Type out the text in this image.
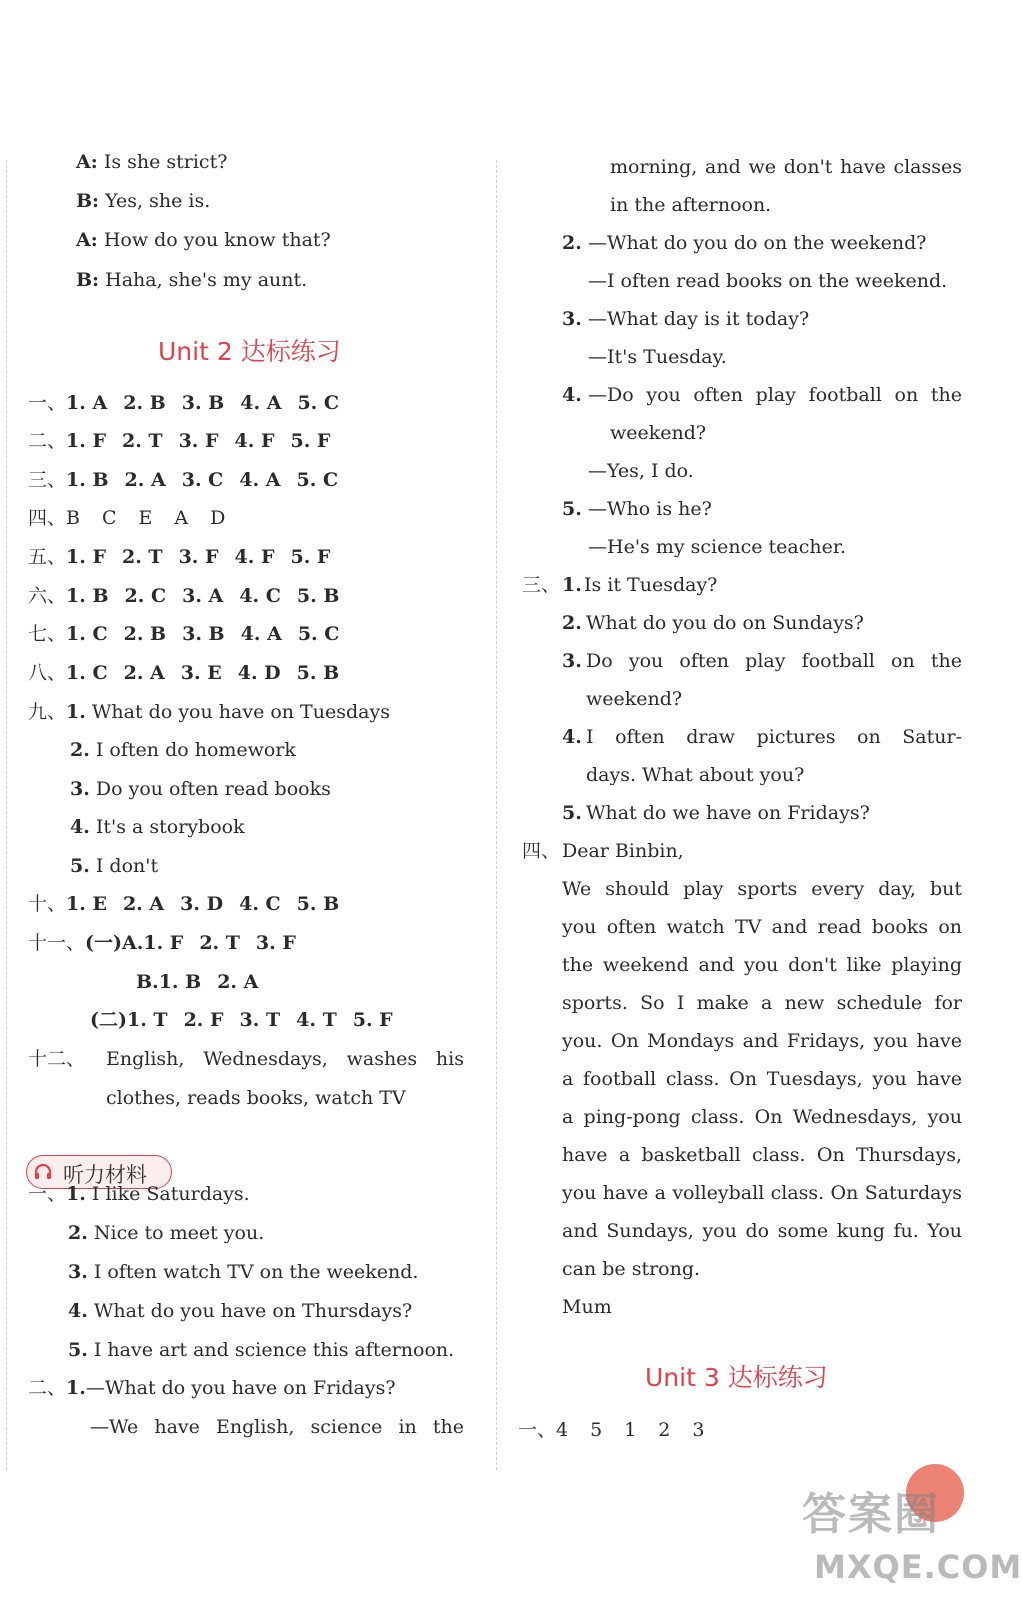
A: Is she strict?
B: Yes, she is.
A: How do you know that?
B: Haha, she's my aunt.
Unit 2 达标练习
一、1. A 2. B 3. B 4. A 5. C
二、1. F 2. T 3. F 4. F 5. F
三、1. B 2. A 3. C 4. A 5. C
四、B C E A D
五、1. F 2. T 3. F 4. F 5. F
六、1. B 2. C 3. A 4. C 5. B
七、1. C 2. B 3. B 4. A 5. C
八、1. C 2. A 3. E 4. D 5. B
九、1. What do you have on Tuesdays
2. I often do homework
3. Do you often read books
4. It's a storybook
5. I don't
十、1. E 2. A 3. D 4. C 5. B
十一、(一)A.1. F 2. T 3. F
B.1. B 2. A
(二)1. T 2. F 3. T 4. T 5. F
十二、 English, Wednesdays, washes his
clothes, reads books, watch TV
听力材料
一、1. I like Saturdays.
2. Nice to meet you.
3. I often watch TV on the weekend.
4. What do you have on Thursdays?
5. I have art and science this afternoon.
二、1.—What do you have on Fridays?
—We have English, science in the
morning, and we don't have classes
in the afternoon.
2. —What do you do on the weekend?
—I often read books on the weekend.
3. —What day is it today?
—It's Tuesday.
4. —Do you often play football on the
weekend?
—Yes, I do.
5. —Who is he?
—He's my science teacher.
三、 1. Is it Tuesday?
2. What do you do on Sundays?
3. Do you often play football on the
weekend?
4. I often draw pictures on Satur-
days. What about you?
5. What do we have on Fridays?
四、 Dear Binbin,
We should play sports every day, but
you often watch TV and read books on
the weekend and you don't like playing
sports. So I make a new schedule for
you. On Mondays and Fridays, you have
a football class. On Tuesdays, you have
a ping-pong class. On Wednesdays, you
have a basketball class. On Thursdays,
you have a volleyball class. On Saturdays
and Sundays, you do some kung fu. You
can be strong.
Mum
Unit 3 达标练习
一、4 5 1 2 3
答案圈
MXQE.COM
